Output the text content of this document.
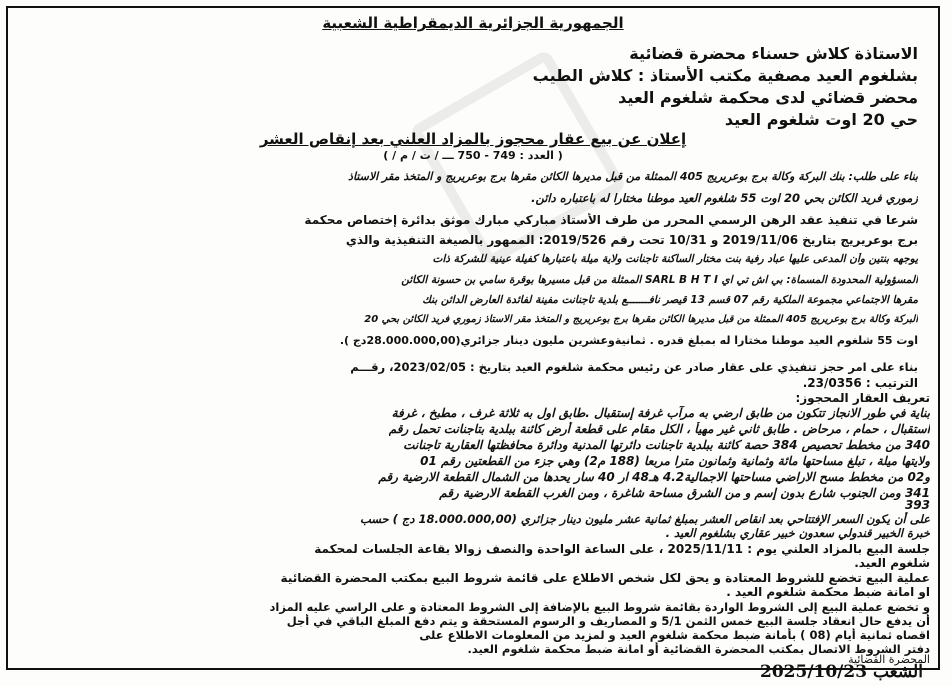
الجمهورية الجزائرية الديمقراطية الشعبية
الاستاذة كلاش حسناء محضرة قضائية
بشلغوم العيد مصفية مكتب الأستاذ : كلاش الطيب
محضر قضائي لدى محكمة شلغوم العيد
حي 20 اوت شلغوم العيد
إعلان عن بيع عقار محجوز بالمزاد العلني بعد إنقاص العشر
( العدد : 749 - 750 ـــ / ت / م / )
بناء على طلب: بنك البركة وكالة برج بوعريريج 405 الممثلة من قبل مديرها الكائن مقرها برج بوعريريج و المتخذ مقر الاستاذ
زموري فريد الكائن بحي 20 اوت 55 شلغوم العيد موطنا مختارا له باعتباره دائن.
شرعا في تنفيذ عقد الرهن الرسمي المحرر من طرف الأستاذ مباركي مبارك موثق بدائرة إختصاص محكمة
برج بوعريريج بتاريخ 2019/11/06 و 10/31 تحت رقم 2019/526: الممهور بالصيغة التنفيذية والذي
يوجهه بنتين وأن المدعى عليها عباد رفية بنت مختار الساكنة تاجنانت ولاية ميلة باعتبارها كفيلة عينية للشركة ذات
المسؤولية المحدودة المسماة: بي اش تي اي SARL B H T I الممثلة من قبل مسيرها بوقرة سامي بن حسونة الكائن
مقرها الاجتماعي مجموعة الملكية رقم 07 قسم 13 قيصر نافـــــــع بلدية تاجنانت مفينة لفائدة العارض الدائن بنك
البركة وكالة برج بوعريريج 405 الممثلة من قبل مديرها الكائن مقرها برج بوعريريج و المتخذ مقر الاستاذ زموري فريد الكائن بحي 20
اوت 55 شلغوم العيد موطنا مختارا له بمبلغ قدره . ثمانيةوعشرين مليون دينار جزائري(28.000.000,00دج ).
بناء على امر حجز تنفيذي على عقار صادر عن رئيس محكمة شلغوم العيد بتاريخ : 2023/02/05، رقـــم
الترتيب : 23/0356.
تعريف العقار المحجوز:
بناية في طور الانجاز تتكون من طابق ارضي به مرآب غرفة إستقبال .طابق اول به ثلاثة غرف ، مطبخ ، غرفة
استقبال ، حمام ، مرحاض . طابق ثاني غير مهيأ ، الكل مقام على قطعة أرض كائنة ببلدية بتاجنانت تحمل رقم
340 من مخطط تحصيص 384 حصة كائنة ببلدية تاجنانت دائرتها المدنية ودائرة محافظتها العقارية تاجنانت
ولايتها ميلة ، تبلغ مساحتها مائة وثمانية وثمانون مترا مربعا (188 م2) وهي جزء من القطعتين رقم 01
و02 من مخطط مسح الاراضي مساحتها الاجمالية4.2 هـ48 ار 40 سار يحدها من الشمال القطعة الارضية رقم
341 ومن الجنوب شارع بدون إسم و من الشرق مساحة شاغرة ، ومن الغرب القطعة الارضية رقم
393
على أن يكون السعر الإفتتاحي بعد انقاص العشر بمبلغ ثمانية عشر مليون دينار جزائري (18.000.000,00 دج ) حسب
خبرة الخبير قندولي سعدون خبير عقاري بشلغوم العيد .
جلسة البيع بالمزاد العلني يوم : 2025/11/11 ، على الساعة الواحدة والنصف زوالا بقاعة الجلسات لمحكمة
شلغوم العيد.
عملية البيع تخضع للشروط المعتادة و يحق لكل شخص الاطلاع على قائمة شروط البيع بمكتب المحضرة القضائية
او امانة ضبط محكمة شلغوم العيد .
و تخضع عملية البيع إلى الشروط الواردة بقائمة شروط البيع بالإضافة إلى الشروط المعتادة و على الراسي عليه المزاد
أن يدفع حال انعقاد جلسة البيع خمس الثمن 5/1 و المصاريف و الرسوم المستحقة و يتم دفع المبلغ الباقي في أجل
اقصاه ثمانية أيام (08 ) بأمانة ضبط محكمة شلغوم العيد و لمزيد من المعلومات الاطلاع على
دفتر الشروط الاتصال بمكتب المحضرة القضائية أو امانة ضبط محكمة شلغوم العيد.
المحضرة القضائية
الشعب 2025/10/23
